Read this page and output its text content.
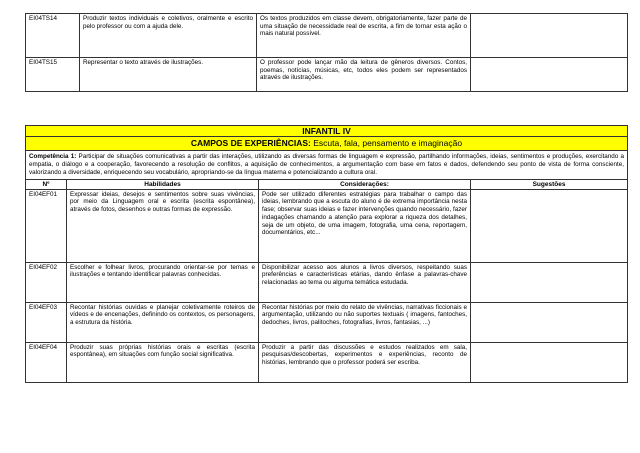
EI04TS14	Produzir textos individuais e coletivos, oralmente e escrito pelo professor ou com a ajuda dele.	Os textos produzidos em classe devem, obrigatoriamente, fazer parte de uma situação de necessidade real de escrita, a fim de tornar esta ação o mais natural possível.	
EI04TS15	Representar o texto através de ilustrações.	O professor pode lançar mão da leitura de gêneros diversos. Contos, poemas, notícias, músicas, etc, todos eles podem ser representados através de ilustrações.	
INFANTIL IV			
CAMPOS DE EXPERIÊNCIAS: Escuta, fala, pensamento e imaginação			
Competência 1: Participar de situações comunicativas a partir das interações, utilizando as diversas formas de linguagem e expressão, partilhando informações, ideias, sentimentos e produções, exercitando a empatia, o diálogo e a cooperação, favorecendo a resolução de conflitos, a aquisição de conhecimentos, a argumentação com base em fatos e dados, defendendo seu ponto de vista de forma consciente, valorizando a diversidade, enriquecendo seu vocabulário, apropriando-se da língua materna e potencializando a cultura oral.			
Nº	Habilidades	Considerações:	Sugestões
EI04EF01	Expressar ideias, desejos e sentimentos sobre suas vivências, por meio da Linguagem oral e escrita (escrita espontânea), através de fotos, desenhos e outras formas de expressão.	Pode ser utilizado diferentes estratégias para trabalhar o campo das ideias, lembrando que a escuta do aluno é de extrema importância nesta fase; observar suas ideias e fazer intervenções quando necessário, fazer indagações chamando a atenção para explorar a riqueza dos detalhes, seja de um objeto, de uma imagem, fotografia, uma cena, reportagem, documentários, etc...	
EI04EF02	Escolher e folhear livros, procurando orientar-se por temas e ilustrações e tentando identificar palavras conhecidas.	Disponibilizar acesso aos alunos a livros diversos, respeitando suas preferências e características etárias, dando ênfase a palavras-chave relacionadas ao tema ou alguma temática estudada.	
EI04EF03	Recontar histórias ouvidas e planejar coletivamente roteiros de vídeos e de encenações, definindo os contextos, os personagens, a estrutura da história.	Recontar histórias por meio do relato de vivências, narrativas ficcionais e argumentação, utilizando ou não suportes textuais ( imagens, fantoches, dedoches, livros, palitoches, fotografias, livros, fantasias, ...)	
EI04EF04	Produzir suas próprias histórias orais e escritas (escrita espontânea), em situações com função social significativa.	Produzir a partir das discussões e estudos realizados em sala, pesquisas/descobertas, experimentos e experiências, reconto de histórias, lembrando que o professor poderá ser escriba.	
